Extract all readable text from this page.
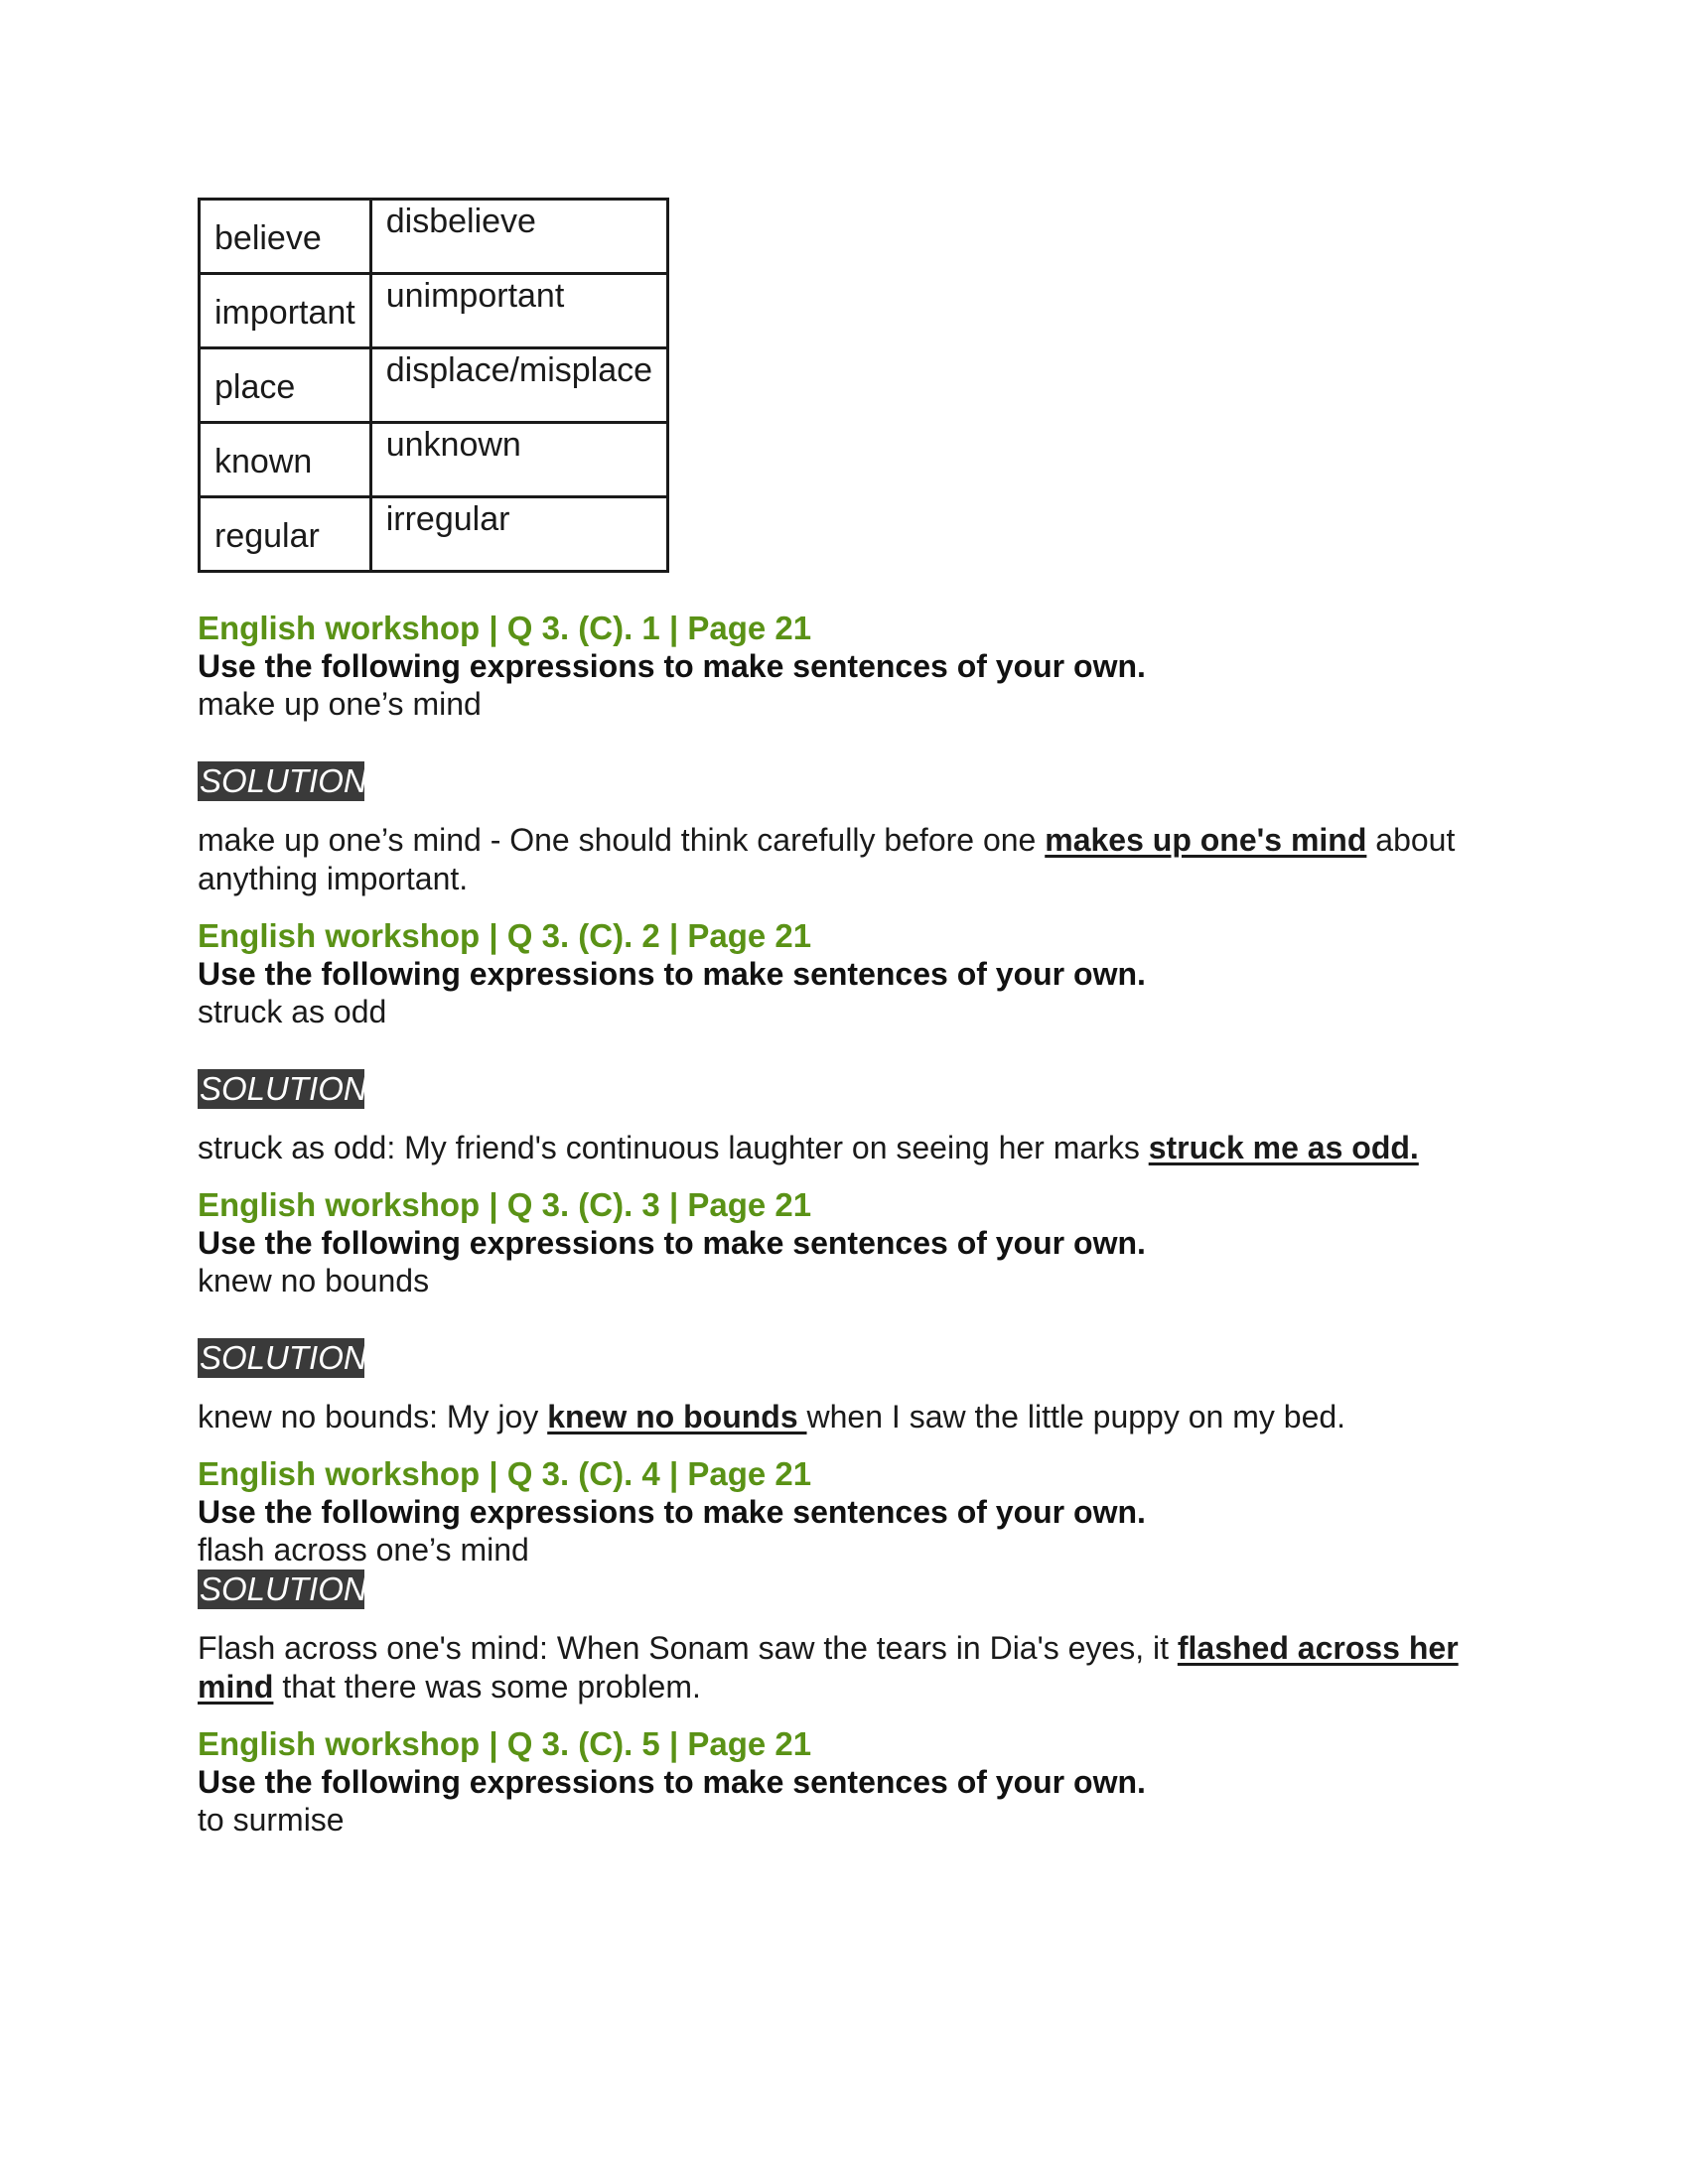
believe	disbelieve
important	unimportant
place	displace/misplace
known	unknown
regular	irregular
English workshop | Q 3. (C). 1 | Page 21
Use the following expressions to make sentences of your own.
make up one’s mind
SOLUTION
make up one’s mind - One should think carefully before one makes up one's mind about anything important.
English workshop | Q 3. (C). 2 | Page 21
Use the following expressions to make sentences of your own.
struck as odd
SOLUTION
struck as odd: My friend's continuous laughter on seeing her marks struck me as odd.
English workshop | Q 3. (C). 3 | Page 21
Use the following expressions to make sentences of your own.
knew no bounds
SOLUTION
knew no bounds: My joy knew no bounds when I saw the little puppy on my bed.
English workshop | Q 3. (C). 4 | Page 21
Use the following expressions to make sentences of your own.
flash across one’s mind
SOLUTION
Flash across one's mind: When Sonam saw the tears in Dia's eyes, it flashed across her mind that there was some problem.
English workshop | Q 3. (C). 5 | Page 21
Use the following expressions to make sentences of your own.
to surmise
